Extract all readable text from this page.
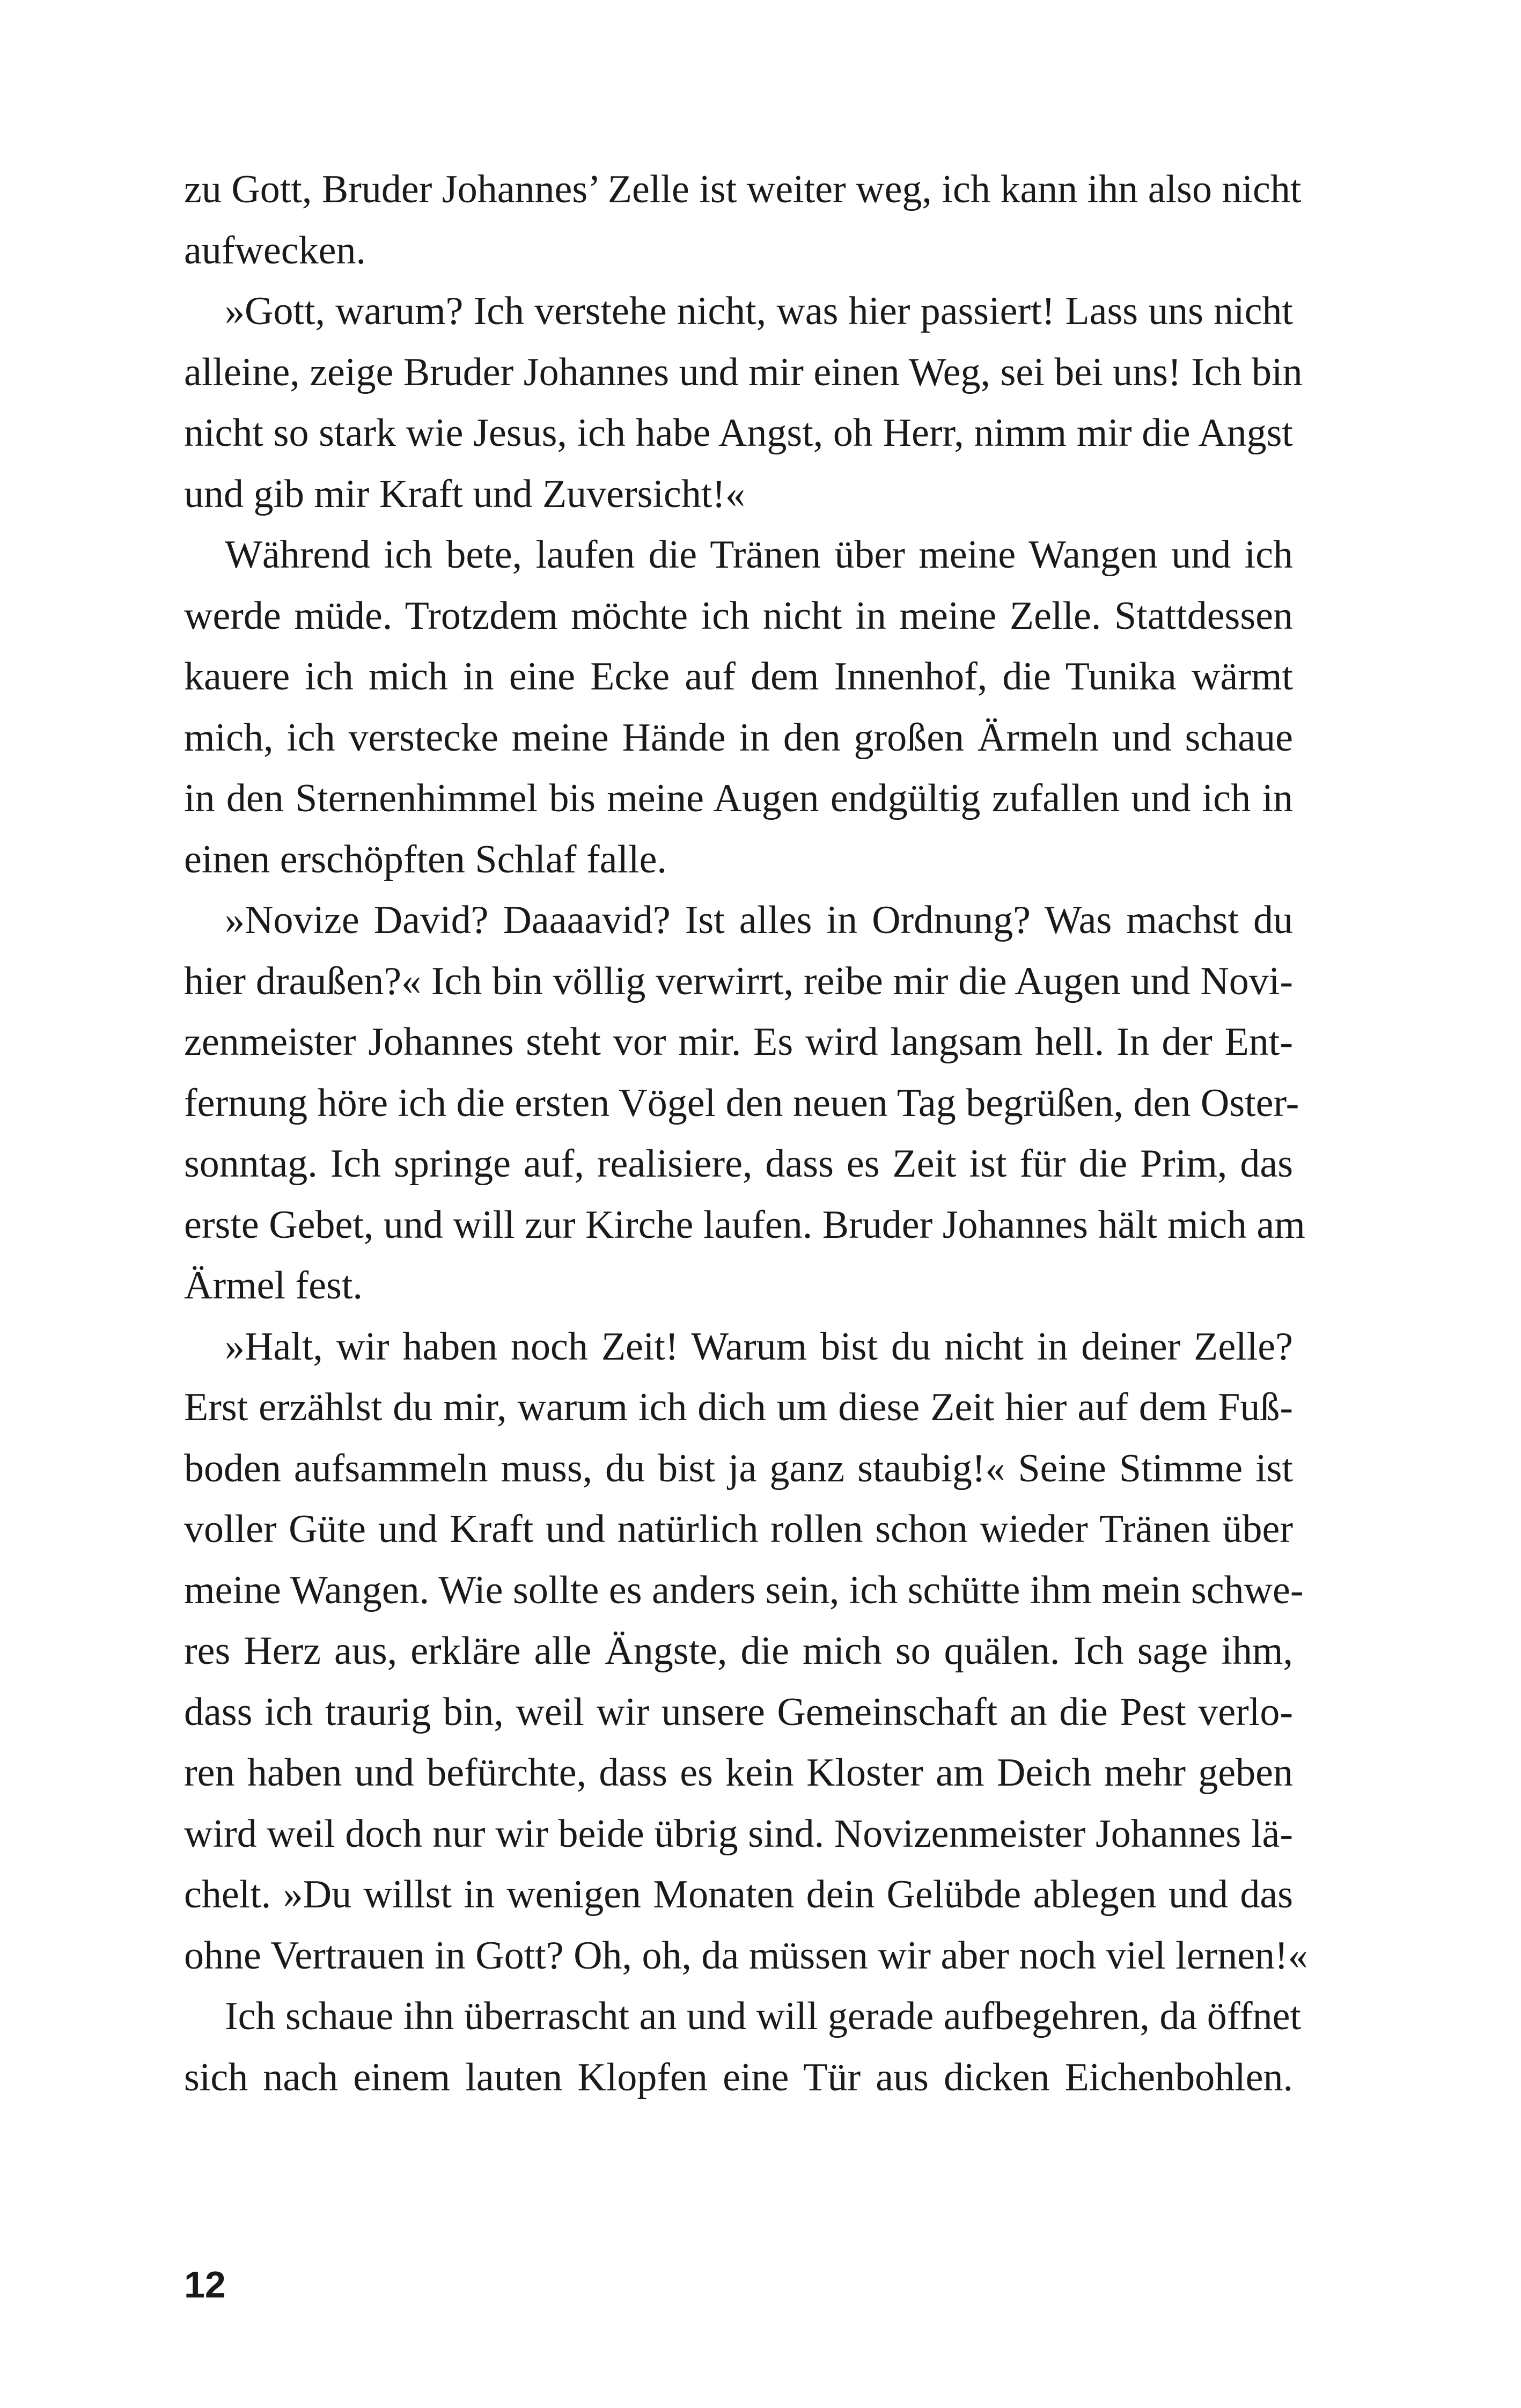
zu Gott, Bruder Johannes’ Zelle ist weiter weg, ich kann ihn also nicht
aufwecken.
»Gott, warum? Ich verstehe nicht, was hier passiert! Lass uns nicht
alleine, zeige Bruder Johannes und mir einen Weg, sei bei uns! Ich bin
nicht so stark wie Jesus, ich habe Angst, oh Herr, nimm mir die Angst
und gib mir Kraft und Zuversicht!«
Während ich bete, laufen die Tränen über meine Wangen und ich
werde müde. Trotzdem möchte ich nicht in meine Zelle. Stattdessen
kauere ich mich in eine Ecke auf dem Innenhof, die Tunika wärmt
mich, ich verstecke meine Hände in den großen Ärmeln und schaue
in den Sternenhimmel bis meine Augen endgültig zufallen und ich in
einen erschöpften Schlaf falle.
»Novize David? Daaaavid? Ist alles in Ordnung? Was machst du
hier draußen?« Ich bin völlig verwirrt, reibe mir die Augen und Novi-
zenmeister Johannes steht vor mir. Es wird langsam hell. In der Ent-
fernung höre ich die ersten Vögel den neuen Tag begrüßen, den Oster-
sonntag. Ich springe auf, realisiere, dass es Zeit ist für die Prim, das
erste Gebet, und will zur Kirche laufen. Bruder Johannes hält mich am
Ärmel fest.
»Halt, wir haben noch Zeit! Warum bist du nicht in deiner Zelle?
Erst erzählst du mir, warum ich dich um diese Zeit hier auf dem Fuß-
boden aufsammeln muss, du bist ja ganz staubig!« Seine Stimme ist
voller Güte und Kraft und natürlich rollen schon wieder Tränen über
meine Wangen. Wie sollte es anders sein, ich schütte ihm mein schwe-
res Herz aus, erkläre alle Ängste, die mich so quälen. Ich sage ihm,
dass ich traurig bin, weil wir unsere Gemeinschaft an die Pest verlo-
ren haben und befürchte, dass es kein Kloster am Deich mehr geben
wird weil doch nur wir beide übrig sind. Novizenmeister Johannes lä-
chelt. »Du willst in wenigen Monaten dein Gelübde ablegen und das
ohne Vertrauen in Gott? Oh, oh, da müssen wir aber noch viel lernen!«
Ich schaue ihn überrascht an und will gerade aufbegehren, da öffnet
sich nach einem lauten Klopfen eine Tür aus dicken Eichenbohlen.
12
